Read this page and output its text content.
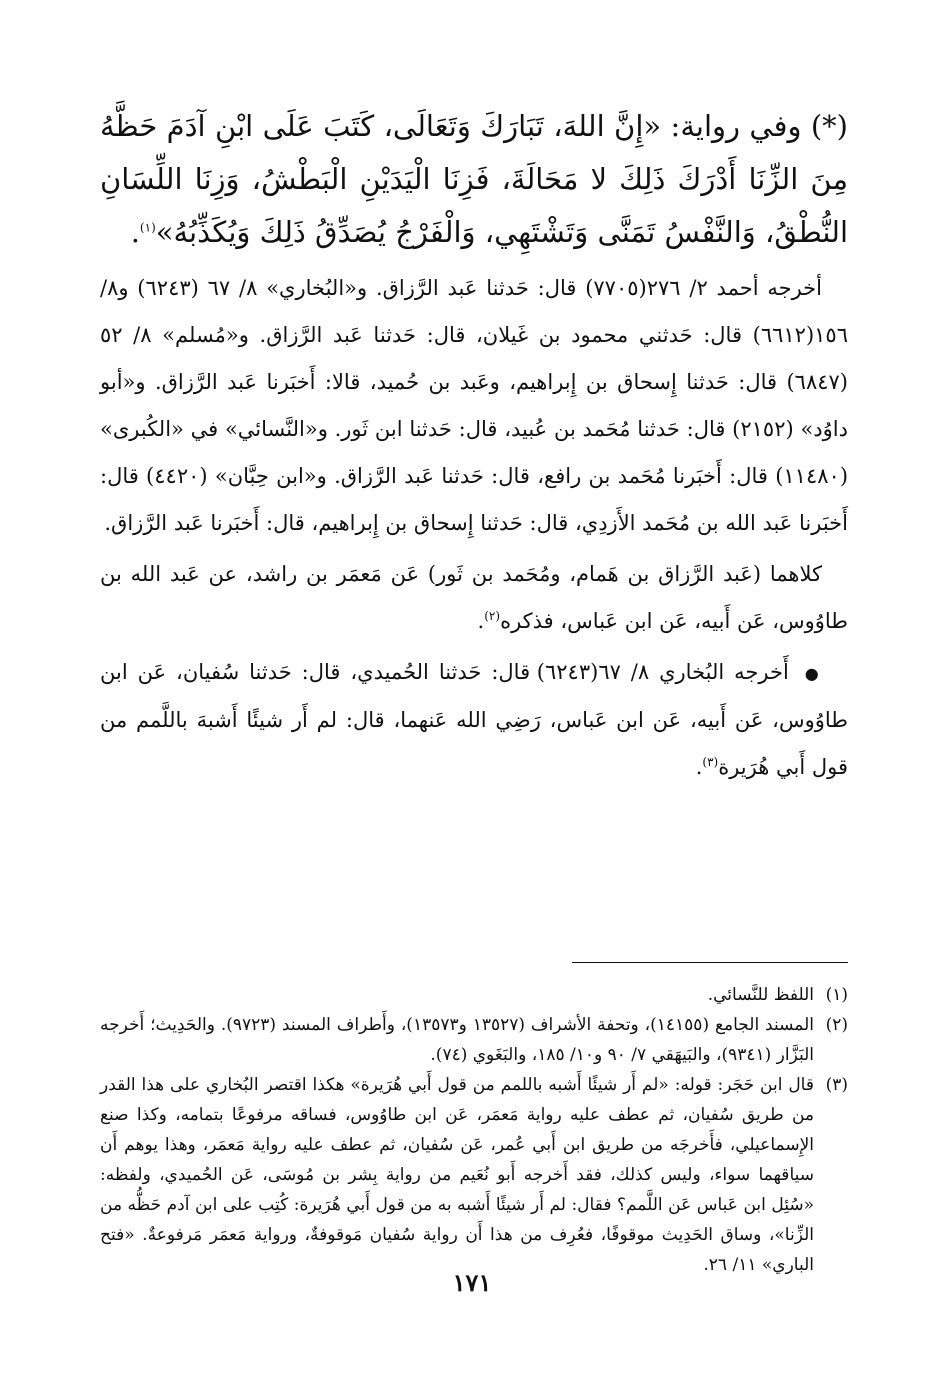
(*) وفي رواية: «إِنَّ اللهَ، تَبَارَكَ وَتَعَالَى، كَتَبَ عَلَى ابْنِ آدَمَ حَظَّهُ مِنَ الزِّنَا أَدْرَكَ ذَلِكَ لا مَحَالَةَ، فَزِنَا الْيَدَيْنِ الْبَطْشُ، وَزِنَا اللِّسَانِ النُّطْقُ، وَالنَّفْسُ تَمَنَّى وَتَشْتَهِي، وَالْفَرْجُ يُصَدِّقُ ذَلِكَ وَيُكَذِّبُهُ»$^{(١)}$.

أخرجه أحمد ٢/ ٢٧٦(٧٧٠٥) قال: حَدثنا عَبد الرَّزاق. و«البُخاري» ٨/ ٦٧ (٦٢٤٣) و٨/ ١٥٦(٦٦١٢) قال: حَدثني محمود بن غَيلان، قال: حَدثنا عَبد الرَّزاق. و«مُسلم» ٨/ ٥٢ (٦٨٤٧) قال: حَدثنا إِسحاق بن إِبراهيم، وعَبد بن حُميد، قالا: أَخبَرنا عَبد الرَّزاق. و«أبو داوُد» (٢١٥٢) قال: حَدثنا مُحَمد بن عُبيد، قال: حَدثنا ابن ثَور. و«النَّسائي» في «الكُبرى» (١١٤٨٠) قال: أَخبَرنا مُحَمد بن رافع، قال: حَدثنا عَبد الرَّزاق. و«ابن حِبَّان» (٤٤٢٠) قال: أَخبَرنا عَبد الله بن مُحَمد الأَزدِي، قال: حَدثنا إِسحاق بن إِبراهيم، قال: أَخبَرنا عَبد الرَّزاق.

كلاهما (عَبد الرَّزاق بن هَمام، ومُحَمد بن ثَور) عَن مَعمَر بن راشد، عن عَبد الله بن طاوُوس، عَن أَبيه، عَن ابن عَباس، فذكره$^{(٢)}$.

● أَخرجه البُخاري ٨/ ٦٧(٦٢٤٣) قال: حَدثنا الحُميدي، قال: حَدثنا سُفيان، عَن ابن طاوُوس، عَن أَبيه، عَن ابن عَباس، رَضِي الله عَنهما، قال: لم أَر شيئًا أَشبهَ باللَّمم من قول أَبي هُرَيرة$^{(٣)}$.

(١)اللفظ للنَّسائي.

(٢)المسند الجامع (١٤١٥٥)، وتحفة الأشراف (١٣٥٢٧ و١٣٥٧٣)، وأَطراف المسند (٩٧٢٣). والحَدِيث؛ أَخرجه البَزَّار (٩٣٤١)، والبَيهَقي ٧/ ٩٠ و١٠/ ١٨٥، والبَغَوي (٧٤).

(٣)قال ابن حَجَر: قوله: «لم أَر شيئًا أَشبه باللمم من قول أَبي هُرَيرة» هكذا اقتصر البُخاري على هذا القدر من طريق سُفيان، ثم عطف عليه رواية مَعمَر، عَن ابن طاوُوس، فساقه مرفوعًا بتمامه، وكذا صنع الإِسماعيلي، فأَخرجَه من طريق ابن أَبي عُمر، عَن سُفيان، ثم عطف عليه رواية مَعمَر، وهذا يوهم أَن سياقهما سواء، وليس كذلك، فقد أَخرجه أَبو نُعَيم من رواية بِشر بن مُوسَى، عَن الحُميدي، ولفظه: «سُئِل ابن عَباس عَن اللَّمم؟ فقال: لم أَر شيئًا أَشبه به من قول أَبي هُرَيرة: كُتِب على ابن آدم حَظُّه من الزِّنا»، وساق الحَدِيث موقوفًا، فعُرِف من هذا أَن رواية سُفيان مَوقوفةٌ، ورواية مَعمَر مَرفوعةٌ. «فتح الباري» ١١/ ٢٦.

١٧١
